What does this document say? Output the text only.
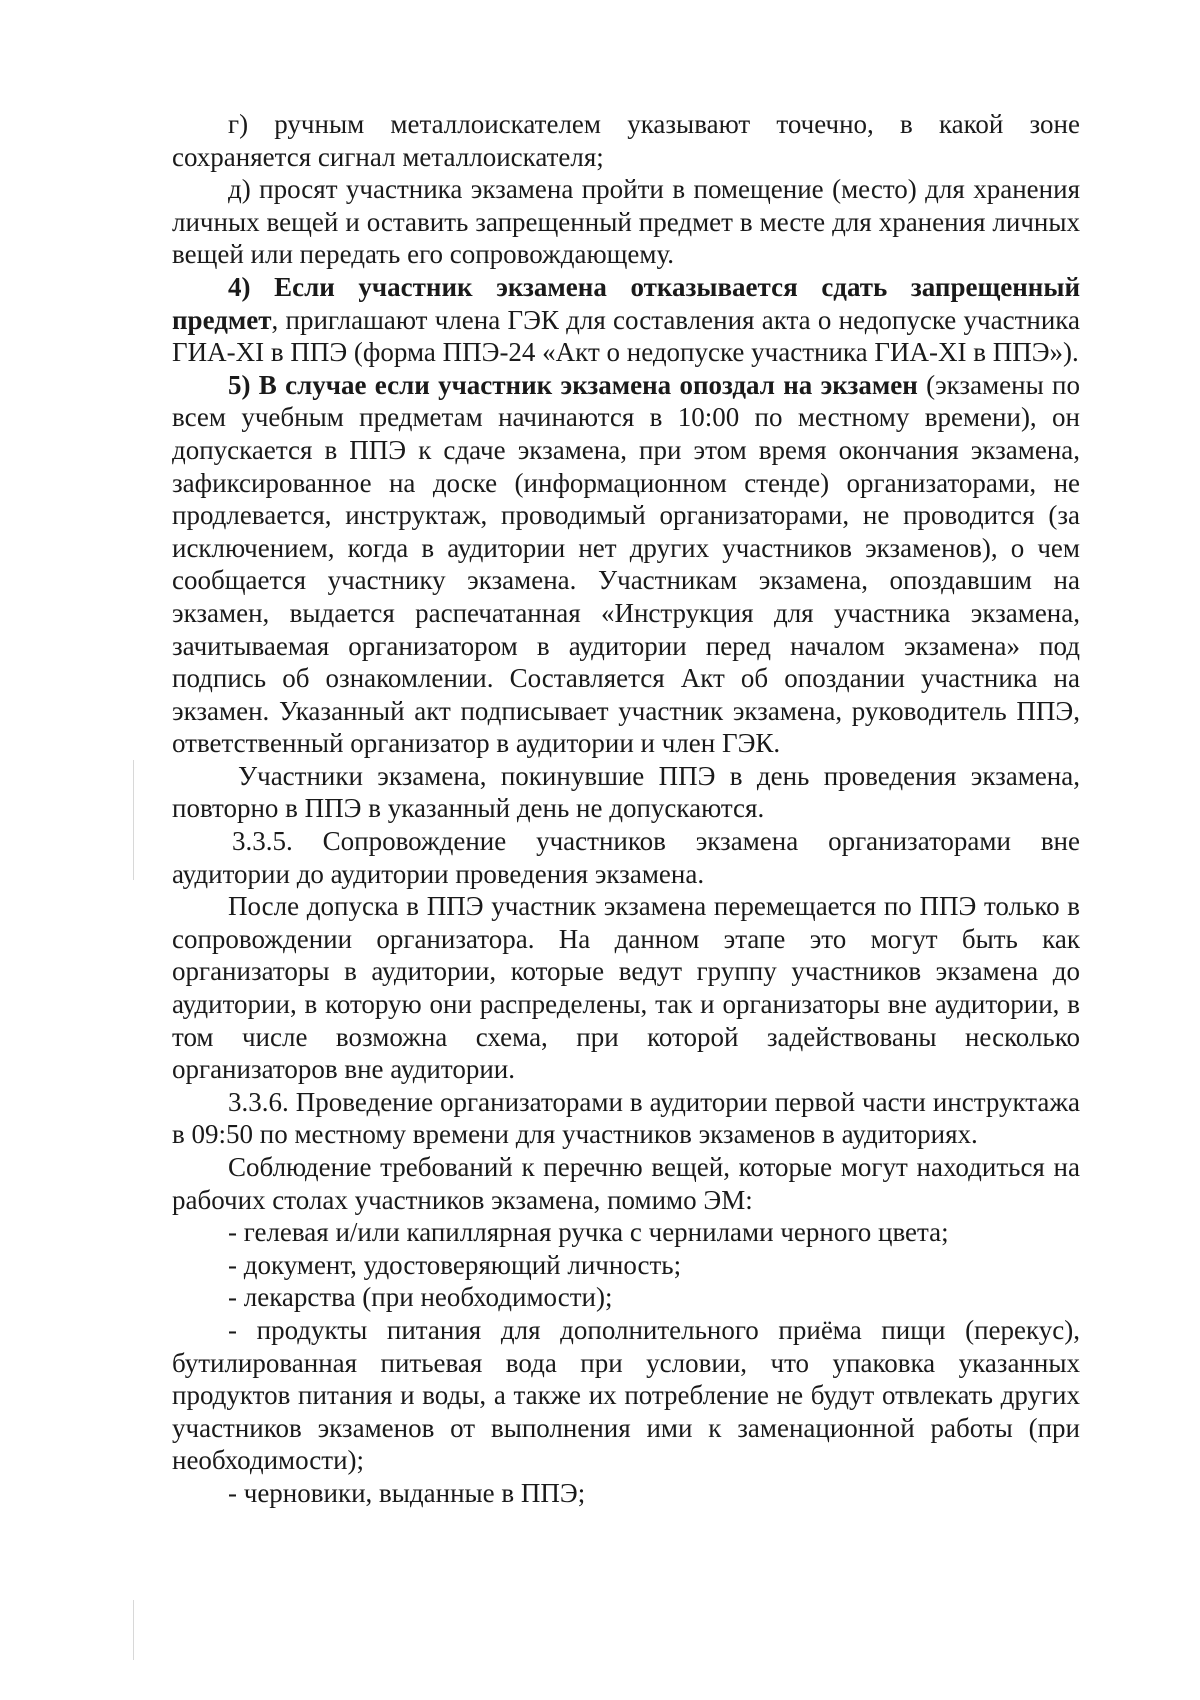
г) ручным металлоискателем указывают точечно, в какой зоне сохраняется сигнал металлоискателя;

д) просят участника экзамена пройти в помещение (место) для хранения личных вещей и оставить запрещенный предмет в месте для хранения личных вещей или передать его сопровождающему.

4) Если участник экзамена отказывается сдать запрещенный предмет, приглашают члена ГЭК для составления акта о недопуске участника ГИА-XI в ППЭ (форма ППЭ-24 «Акт о недопуске участника ГИА-XI в ППЭ»).

5) В случае если участник экзамена опоздал на экзамен (экзамены по всем учебным предметам начинаются в 10:00 по местному времени), он допускается в ППЭ к сдаче экзамена, при этом время окончания экзамена, зафиксированное на доске (информационном стенде) организаторами, не продлевается, инструктаж, проводимый организаторами, не проводится (за исключением, когда в аудитории нет других участников экзаменов), о чем сообщается участнику экзамена. Участникам экзамена, опоздавшим на экзамен, выдается распечатанная «Инструкция для участника экзамена, зачитываемая организатором в аудитории перед началом экзамена» под подпись об ознакомлении. Составляется Акт об опоздании участника на экзамен. Указанный акт подписывает участник экзамена, руководитель ППЭ, ответственный организатор в аудитории и член ГЭК.

Участники экзамена, покинувшие ППЭ в день проведения экзамена, повторно в ППЭ в указанный день не допускаются.

3.3.5. Сопровождение участников экзамена организаторами вне аудитории до аудитории проведения экзамена.

После допуска в ППЭ участник экзамена перемещается по ППЭ только в сопровождении организатора. На данном этапе это могут быть как организаторы в аудитории, которые ведут группу участников экзамена до аудитории, в которую они распределены, так и организаторы вне аудитории, в том числе возможна схема, при которой задействованы несколько организаторов вне аудитории.

3.3.6. Проведение организаторами в аудитории первой части инструктажа в 09:50 по местному времени для участников экзаменов в аудиториях.

Соблюдение требований к перечню вещей, которые могут находиться на рабочих столах участников экзамена, помимо ЭМ:

- гелевая и/или капиллярная ручка с чернилами черного цвета;

- документ, удостоверяющий личность;

- лекарства (при необходимости);

- продукты питания для дополнительного приёма пищи (перекус), бутилированная питьевая вода при условии, что упаковка указанных продуктов питания и воды, а также их потребление не будут отвлекать других участников экзаменов от выполнения ими к заменационной работы (при необходимости);

- черновики, выданные в ППЭ;
